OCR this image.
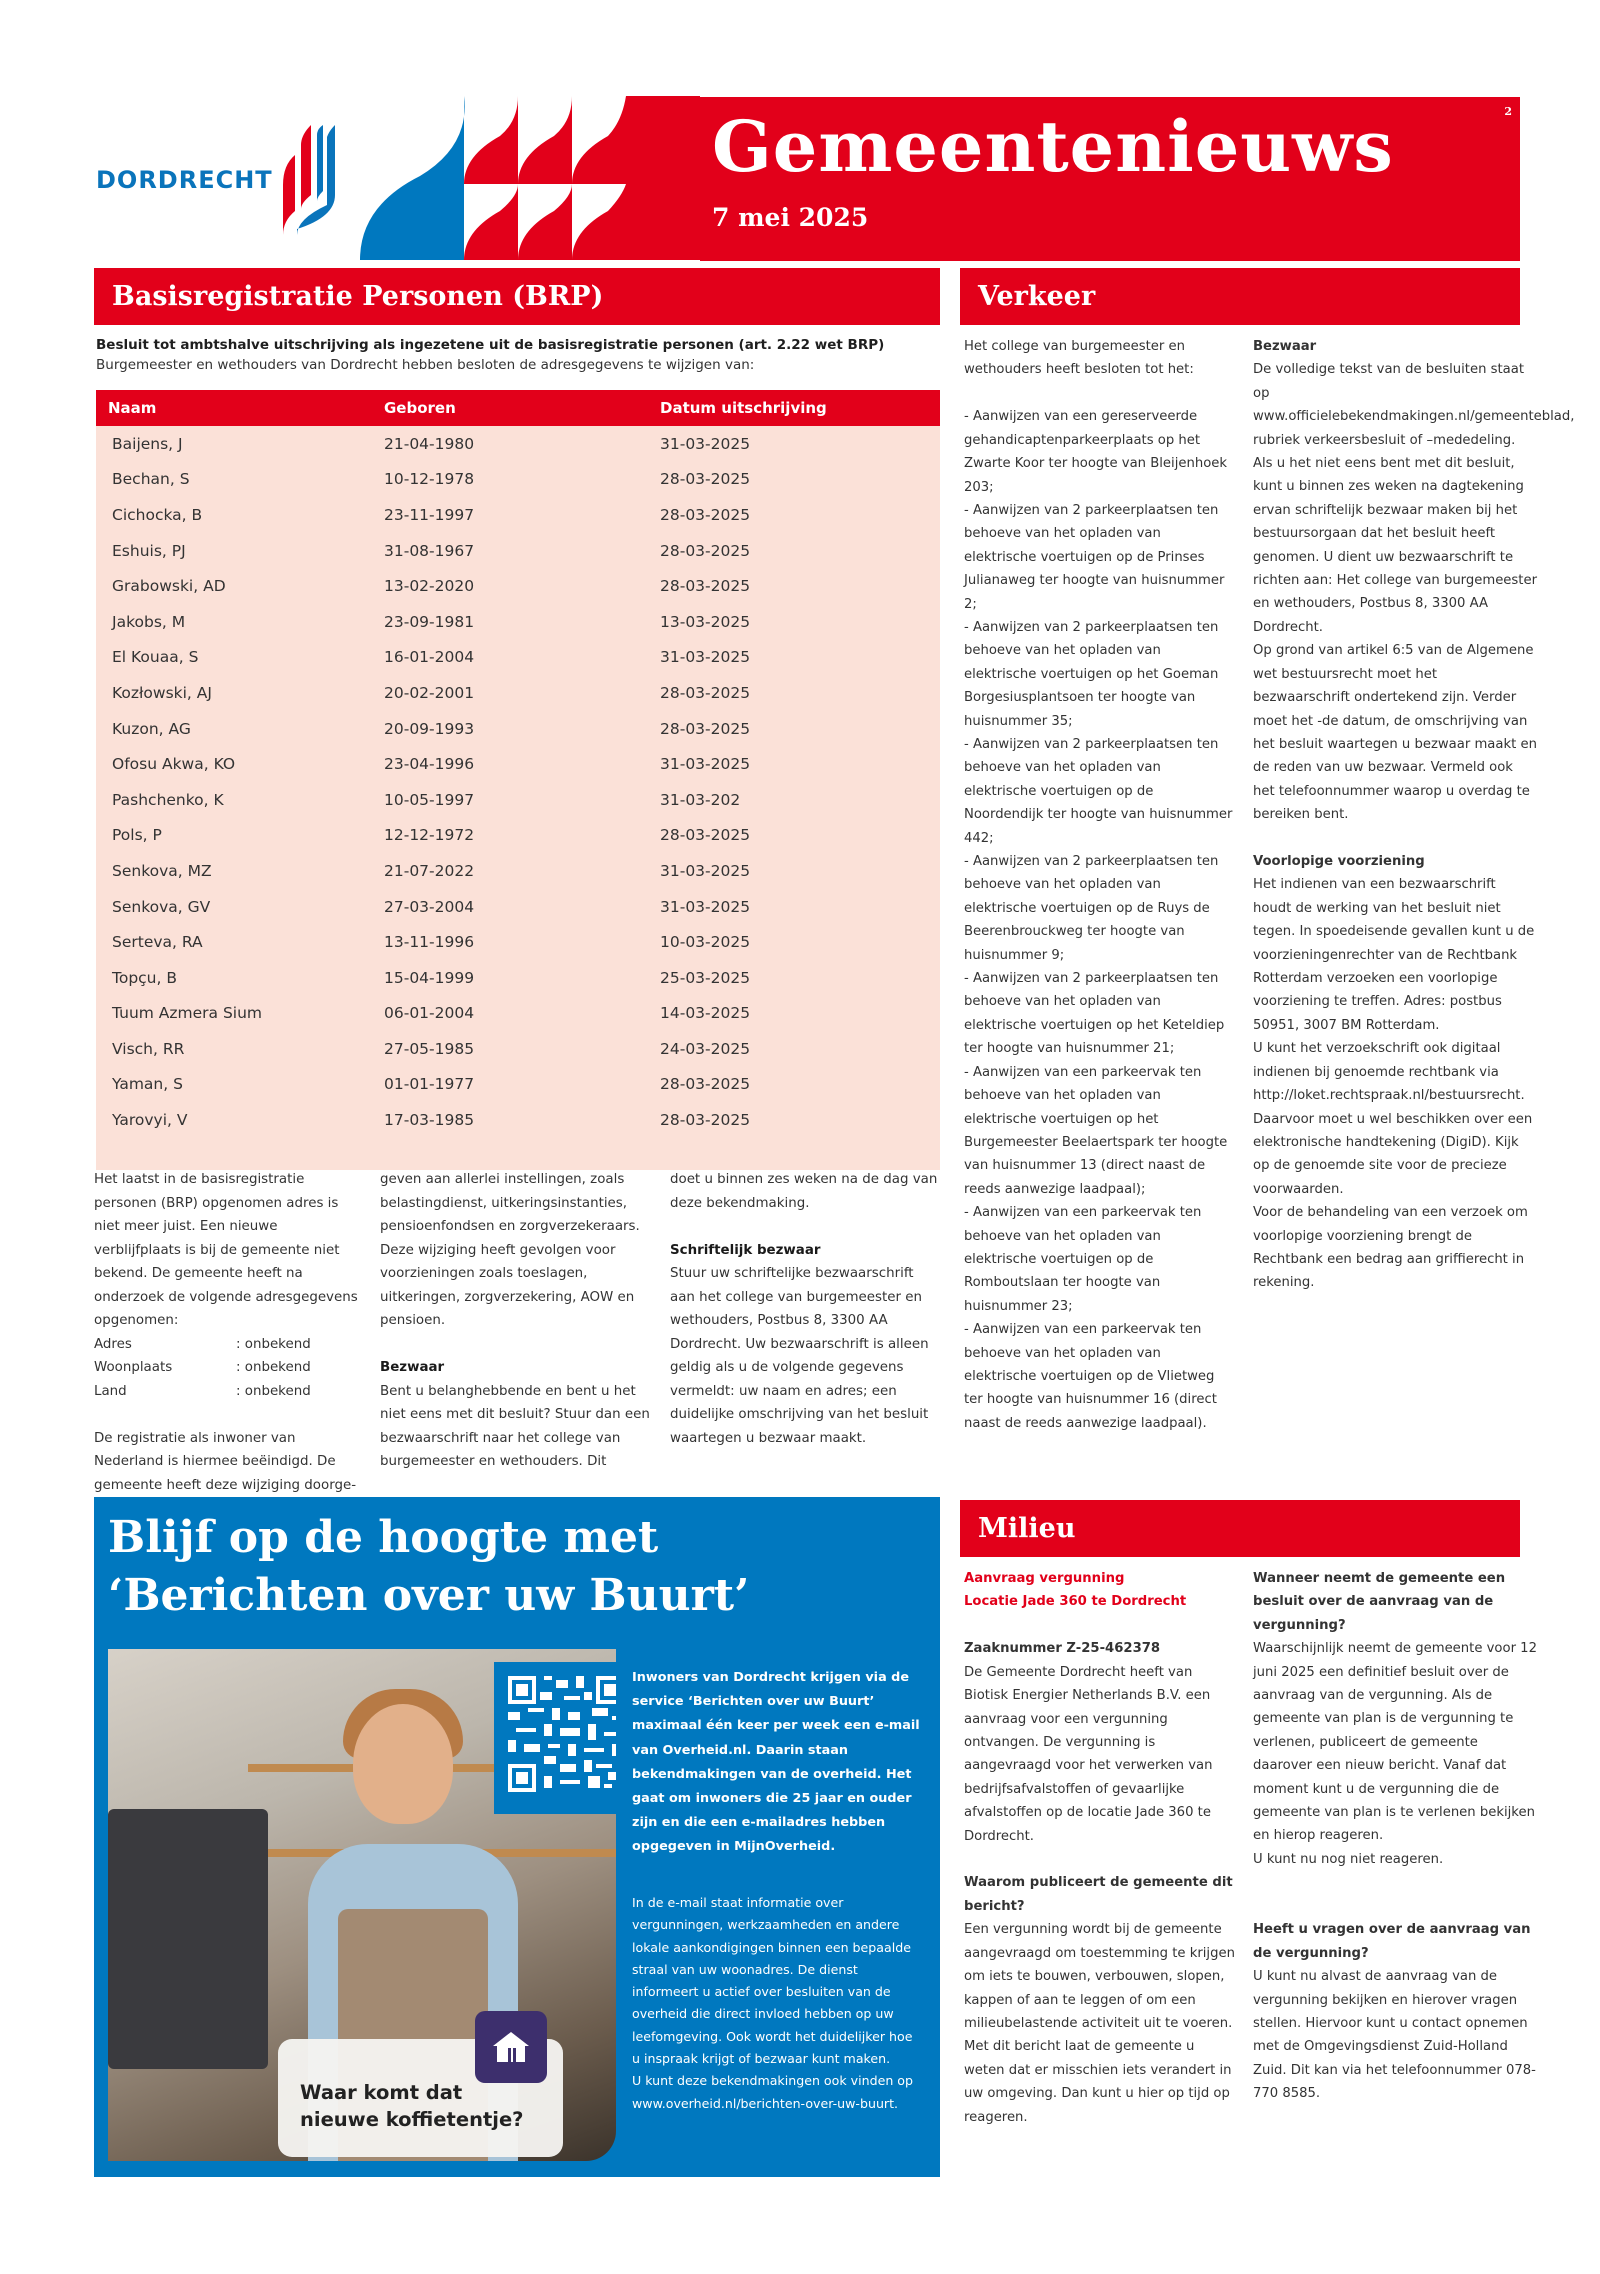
DORDRECHT	Gemeentenieuws
7 mei 2025
2
Basisregistratie Personen (BRP)
Besluit tot ambtshalve uitschrijving als ingezetene uit de basisregistratie personen (art. 2.22 wet BRP)
Burgemeester en wethouders van Dordrecht hebben besloten de adresgegevens te wijzigen van:
Naam	Geboren	Datum uitschrijving
Baijens, J	21-04-1980	31-03-2025
Bechan, S	10-12-1978	28-03-2025
Cichocka, B	23-11-1997	28-03-2025
Eshuis, PJ	31-08-1967	28-03-2025
Grabowski, AD	13-02-2020	28-03-2025
Jakobs, M	23-09-1981	13-03-2025
El Kouaa, S	16-01-2004	31-03-2025
Kozłowski, AJ	20-02-2001	28-03-2025
Kuzon, AG	20-09-1993	28-03-2025
Ofosu Akwa, KO	23-04-1996	31-03-2025
Pashchenko, K	10-05-1997	31-03-202
Pols, P	12-12-1972	28-03-2025
Senkova, MZ	21-07-2022	31-03-2025
Senkova, GV	27-03-2004	31-03-2025
Serteva, RA	13-11-1996	10-03-2025
Topçu, B	15-04-1999	25-03-2025
Tuum Azmera Sium	06-01-2004	14-03-2025
Visch, RR	27-05-1985	24-03-2025
Yaman, S	01-01-1977	28-03-2025
Yarovyi, V	17-03-1985	28-03-2025

Het laatst in de basisregistratie personen (BRP) opgenomen adres is niet meer juist. Een nieuwe verblijfplaats is bij de gemeente niet bekend. De gemeente heeft na onderzoek de volgende adresgegevens opgenomen:

Adres	: onbekend
Woonplaats	: onbekend
Land	: onbekend

De registratie als inwoner van Nederland is hiermee beëindigd. De gemeente heeft deze wijziging doorge-

geven aan allerlei instellingen, zoals belastingdienst, uitkeringsinstanties, pensioenfondsen en zorgverzekeraars. Deze wijziging heeft gevolgen voor voorzieningen zoals toeslagen, uitkeringen, zorgverzekering, AOW en pensioen.

Bezwaar

Bent u belanghebbende en bent u het niet eens met dit besluit? Stuur dan een bezwaarschrift naar het college van burgemeester en wethouders. Dit

doet u binnen zes weken na de dag van deze bekendmaking.

Schriftelijk bezwaar

Stuur uw schriftelijke bezwaarschrift aan het college van burgemeester en wethouders, Postbus 8, 3300 AA Dordrecht. Uw bezwaarschrift is alleen geldig als u de volgende gegevens vermeldt: uw naam en adres; een duidelijke omschrijving van het besluit waartegen u bezwaar maakt.

Verkeer

Het college van burgemeester en wethouders heeft besloten tot het:

- Aanwijzen van een gereserveerde gehandicaptenparkeerplaats op het Zwarte Koor ter hoogte van Bleijenhoek 203;

- Aanwijzen van 2 parkeerplaatsen ten behoeve van het opladen van elektrische voertuigen op de Prinses Julianaweg ter hoogte van huisnummer 2;

- Aanwijzen van 2 parkeerplaatsen ten behoeve van het opladen van elektrische voertuigen op het Goeman Borgesiusplantsoen ter hoogte van huisnummer 35;

- Aanwijzen van 2 parkeerplaatsen ten behoeve van het opladen van elektrische voertuigen op de Noordendijk ter hoogte van huisnummer 442;

- Aanwijzen van 2 parkeerplaatsen ten behoeve van het opladen van elektrische voertuigen op de Ruys de Beerenbrouckweg ter hoogte van huisnummer 9;

- Aanwijzen van 2 parkeerplaatsen ten behoeve van het opladen van elektrische voertuigen op het Keteldiep ter hoogte van huisnummer 21;

- Aanwijzen van een parkeervak ten behoeve van het opladen van elektrische voertuigen op het Burgemeester Beelaertspark ter hoogte van huisnummer 13 (direct naast de reeds aanwezige laadpaal);

- Aanwijzen van een parkeervak ten behoeve van het opladen van elektrische voertuigen op de Romboutslaan ter hoogte van huisnummer 23;

- Aanwijzen van een parkeervak ten behoeve van het opladen van elektrische voertuigen op de Vlietweg ter hoogte van huisnummer 16 (direct naast de reeds aanwezige laadpaal).

Bezwaar

De volledige tekst van de besluiten staat op www.officielebekendmakingen.nl/gemeenteblad, rubriek verkeersbesluit of –mededeling. Als u het niet eens bent met dit besluit, kunt u binnen zes weken na dagtekening ervan schriftelijk bezwaar maken bij het bestuursorgaan dat het besluit heeft genomen. U dient uw bezwaarschrift te richten aan: Het college van burgemeester en wethouders, Postbus 8, 3300 AA Dordrecht.

Op grond van artikel 6:5 van de Algemene wet bestuursrecht moet het bezwaarschrift ondertekend zijn. Verder moet het -de datum, de omschrijving van het besluit waartegen u bezwaar maakt en de reden van uw bezwaar. Vermeld ook het telefoonnummer waarop u overdag te bereiken bent.

Voorlopige voorziening

Het indienen van een bezwaarschrift houdt de werking van het besluit niet tegen. In spoedeisende gevallen kunt u de voorzieningenrechter van de Rechtbank Rotterdam verzoeken een voorlopige voorziening te treffen. Adres: postbus 50951, 3007 BM Rotterdam.

U kunt het verzoekschrift ook digitaal indienen bij genoemde rechtbank via http://loket.rechtspraak.nl/bestuursrecht. Daarvoor moet u wel beschikken over een elektronische handtekening (DigiD). Kijk op de genoemde site voor de precieze voorwaarden.

Voor de behandeling van een verzoek om voorlopige voorziening brengt de Rechtbank een bedrag aan griffierecht in rekening.

Blijf op de hoogte met
‘Berichten over uw Buurt’
Waar komt dat nieuwe koffietentje?
Inwoners van Dordrecht krijgen via de service ‘Berichten over uw Buurt’ maximaal één keer per week een e-mail van Overheid.nl. Daarin staan bekendmakingen van de overheid. Het gaat om inwoners die 25 jaar en ouder zijn en die een e-mailadres hebben opgegeven in MijnOverheid.

In de e-mail staat informatie over vergunningen, werkzaamheden en andere lokale aankondigingen binnen een bepaalde straal van uw woonadres. De dienst informeert u actief over besluiten van de overheid die direct invloed hebben op uw leefomgeving. Ook wordt het duidelijker hoe u inspraak krijgt of bezwaar kunt maken.

U kunt deze bekendmakingen ook vinden op www.overheid.nl/berichten-over-uw-buurt.

Milieu
Aanvraag vergunning
Locatie Jade 360 te Dordrecht
Zaaknummer Z-25-462378

De Gemeente Dordrecht heeft van Biotisk Energier Netherlands B.V. een aanvraag voor een vergunning ontvangen. De vergunning is aangevraagd voor het verwerken van bedrijfsafvalstoffen of gevaarlijke afvalstoffen op de locatie Jade 360 te Dordrecht.

Waarom publiceert de gemeente dit bericht?

Een vergunning wordt bij de gemeente aangevraagd om toestemming te krijgen om iets te bouwen, verbouwen, slopen, kappen of aan te leggen of om een milieubelastende activiteit uit te voeren. Met dit bericht laat de gemeente u weten dat er misschien iets verandert in uw omgeving. Dan kunt u hier op tijd op reageren.

Wanneer neemt de gemeente een besluit over de aanvraag van de vergunning?

Waarschijnlijk neemt de gemeente voor 12 juni 2025 een definitief besluit over de aanvraag van de vergunning. Als de gemeente van plan is de vergunning te verlenen, publiceert de gemeente daarover een nieuw bericht. Vanaf dat moment kunt u de vergunning die de gemeente van plan is te verlenen bekijken en hierop reageren.

U kunt nu nog niet reageren.

Heeft u vragen over de aanvraag van de vergunning?

U kunt nu alvast de aanvraag van de vergunning bekijken en hierover vragen stellen. Hiervoor kunt u contact opnemen met de Omgevingsdienst Zuid-Holland Zuid. Dit kan via het telefoonnummer 078-770 8585.
